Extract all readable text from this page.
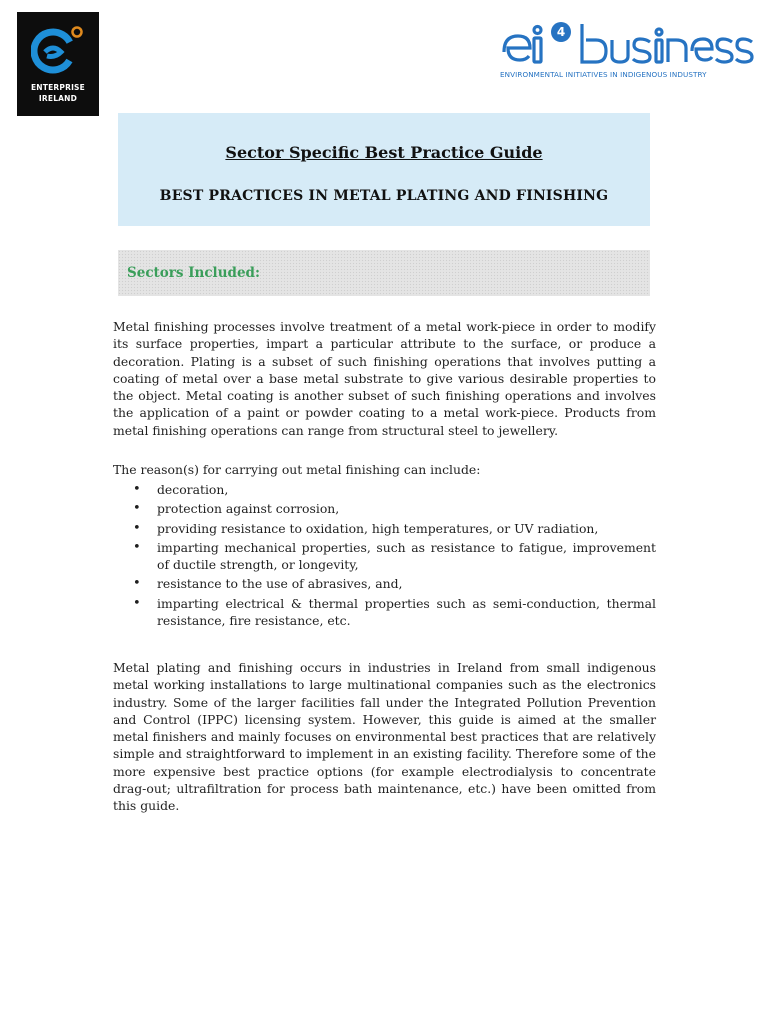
ENTERPRISE
IRELAND
4
ENVIRONMENTAL INITIATIVES IN INDIGENOUS INDUSTRY
Sector Specific Best Practice Guide
BEST PRACTICES IN METAL PLATING AND FINISHING
Sectors Included:
Metal finishing processes involve treatment of a metal work-piece in order to modify its surface properties, impart a particular attribute to the surface, or produce a decoration. Plating is a subset of such finishing operations that involves putting a coating of metal over a base metal substrate to give various desirable properties to the object. Metal coating is another subset of such finishing operations and involves the application of a paint or powder coating to a metal work-piece. Products from metal finishing operations can range from structural steel to jewellery.
The reason(s) for carrying out metal finishing can include:
• decoration,
• protection against corrosion,
• providing resistance to oxidation, high temperatures, or UV radiation,
• imparting mechanical properties, such as resistance to fatigue, improvement of ductile strength, or longevity,
• resistance to the use of abrasives, and,
• imparting electrical & thermal properties such as semi-conduction, thermal resistance, fire resistance, etc.
Metal plating and finishing occurs in industries in Ireland from small indigenous metal working installations to large multinational companies such as the electronics industry. Some of the larger facilities fall under the Integrated Pollution Prevention and Control (IPPC) licensing system. However, this guide is aimed at the smaller metal finishers and mainly focuses on environmental best practices that are relatively simple and straightforward to implement in an existing facility. Therefore some of the more expensive best practice options (for example electrodialysis to concentrate drag-out; ultrafiltration for process bath maintenance, etc.) have been omitted from this guide.
